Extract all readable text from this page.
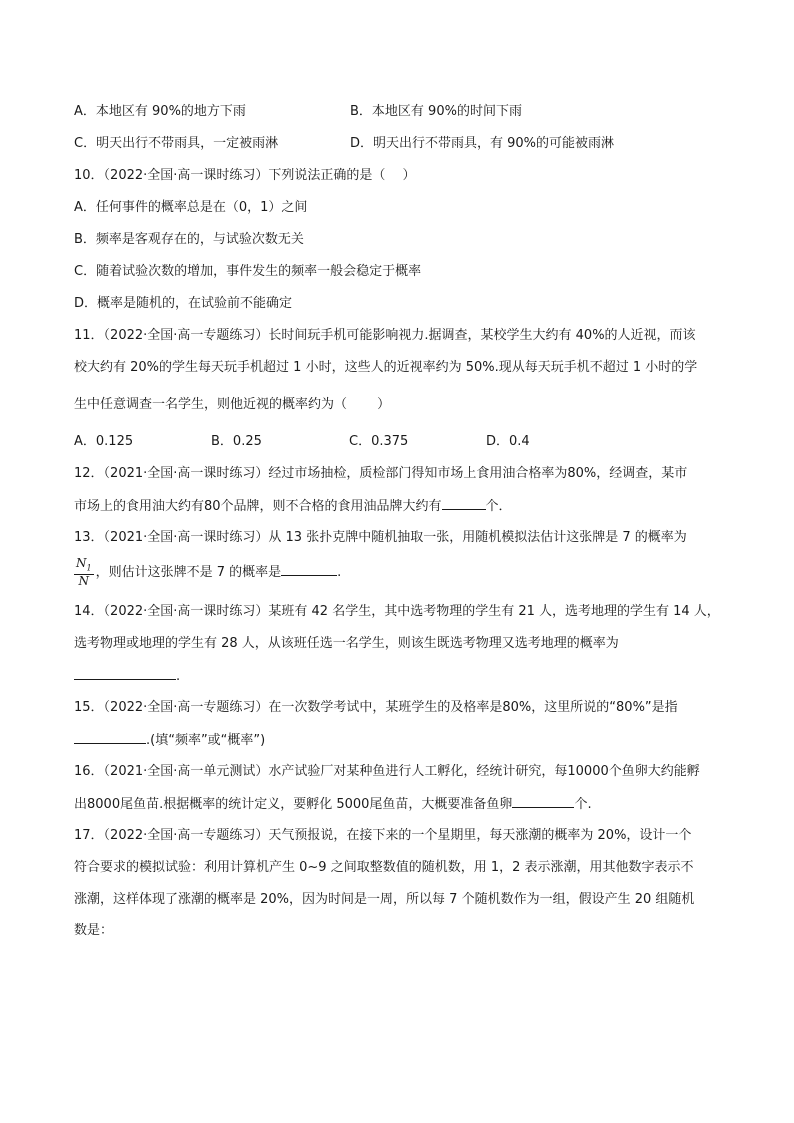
A．本地区有 90%的地方下雨	B．本地区有 90%的时间下雨
C．明天出行不带雨具，一定被雨淋	D．明天出行不带雨具，有 90%的可能被雨淋
10．（2022·全国·高一课时练习）下列说法正确的是（　 ）
A．任何事件的概率总是在（0，1）之间
B．频率是客观存在的，与试验次数无关
C．随着试验次数的增加，事件发生的频率一般会稳定于概率
D．概率是随机的，在试验前不能确定
11．（2022·全国·高一专题练习）长时间玩手机可能影响视力.据调查，某校学生大约有 40%的人近视，而该
校大约有 20%的学生每天玩手机超过 1 小时，这些人的近视率约为 50%.现从每天玩手机不超过 1 小时的学
生中任意调查一名学生，则他近视的概率约为（　　 ）
A．0.125	B．0.25	C．0.375	D．0.4
12．（2021·全国·高一课时练习）经过市场抽检，质检部门得知市场上食用油合格率为80%，经调查，某市
市场上的食用油大约有80个品牌，则不合格的食用油品牌大约有	个．
13．（2021·全国·高一课时练习）从 13 张扑克牌中随机抽取一张，用随机模拟法估计这张牌是 7 的概率为
$\frac{N_1}{N}$ ，则估计这张牌不是 7 的概率是	.
14．（2022·全国·高一课时练习）某班有 42 名学生，其中选考物理的学生有 21 人，选考地理的学生有 14 人，
选考物理或地理的学生有 28 人，从该班任选一名学生，则该生既选考物理又选考地理的概率为
.
15．（2022·全国·高一专题练习）在一次数学考试中，某班学生的及格率是80%，这里所说的“80%”是指
.(填“频率”或“概率”)
16．（2021·全国·高一单元测试）水产试验厂对某种鱼进行人工孵化，经统计研究，每10000个鱼卵大约能孵
出8000尾鱼苗.根据概率的统计定义，要孵化 5000尾鱼苗，大概要准备鱼卵	个.
17．（2022·全国·高一专题练习）天气预报说，在接下来的一个星期里，每天涨潮的概率为 20%，设计一个
符合要求的模拟试验：利用计算机产生 0~9 之间取整数值的随机数，用 1，2 表示涨潮，用其他数字表示不
涨潮，这样体现了涨潮的概率是 20%，因为时间是一周，所以每 7 个随机数作为一组，假设产生 20 组随机
数是：
